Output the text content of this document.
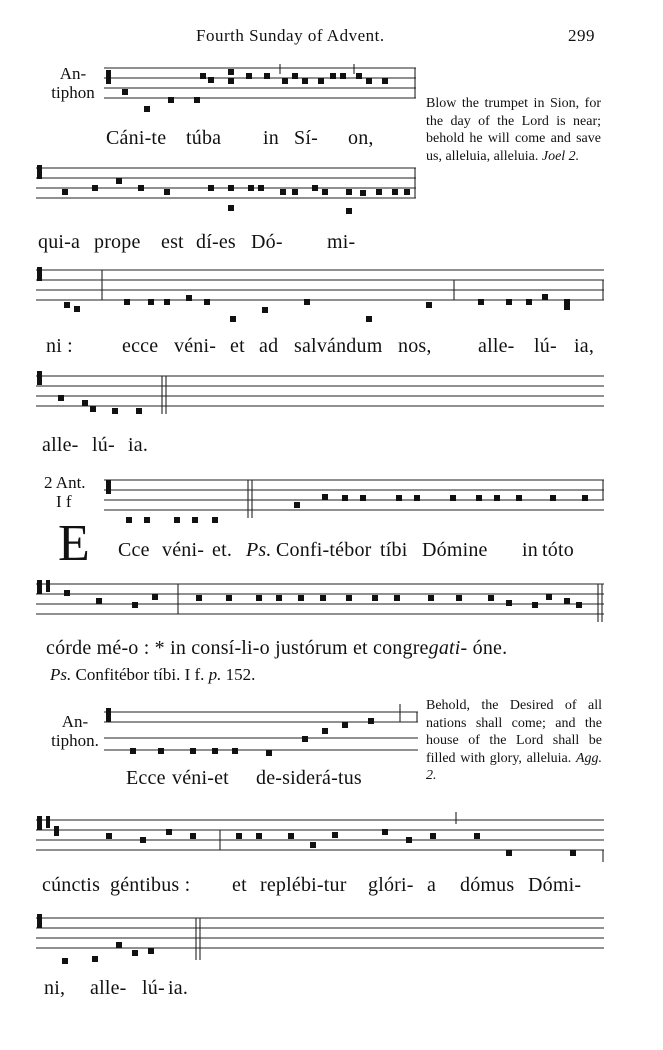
Fourth Sunday of Advent.	299
An-
tiphon
Blow the trumpet in Sion, for the day of the Lord is near; behold he will come and save us, alleluia, alleluia. Joel 2.
Cáni-te túba in Sí- on,
qui-a prope est dí-es Dó- mi-
ni : ecce véni- et ad salvándum nos, alle- lú- ia,
alle- lú- ia.
2 Ant.
I f
E Cce véni- et. Ps. Confi-tébor tíbi Dómine in tóto
córde mé-o : * in consí-li-o justórum et congregati- óne.
Ps. Confitébor tíbi. I f. p. 152.
An-
tiphon.
Behold, the Desired of all nations shall come; and the house of the Lord shall be filled with glory, alleluia. Agg. 2.
Ecce véni-et de-siderá-tus
cúnctis géntibus : et replébi-tur glóri- a dómus Dómi-
ni, alle- lú- ia.
